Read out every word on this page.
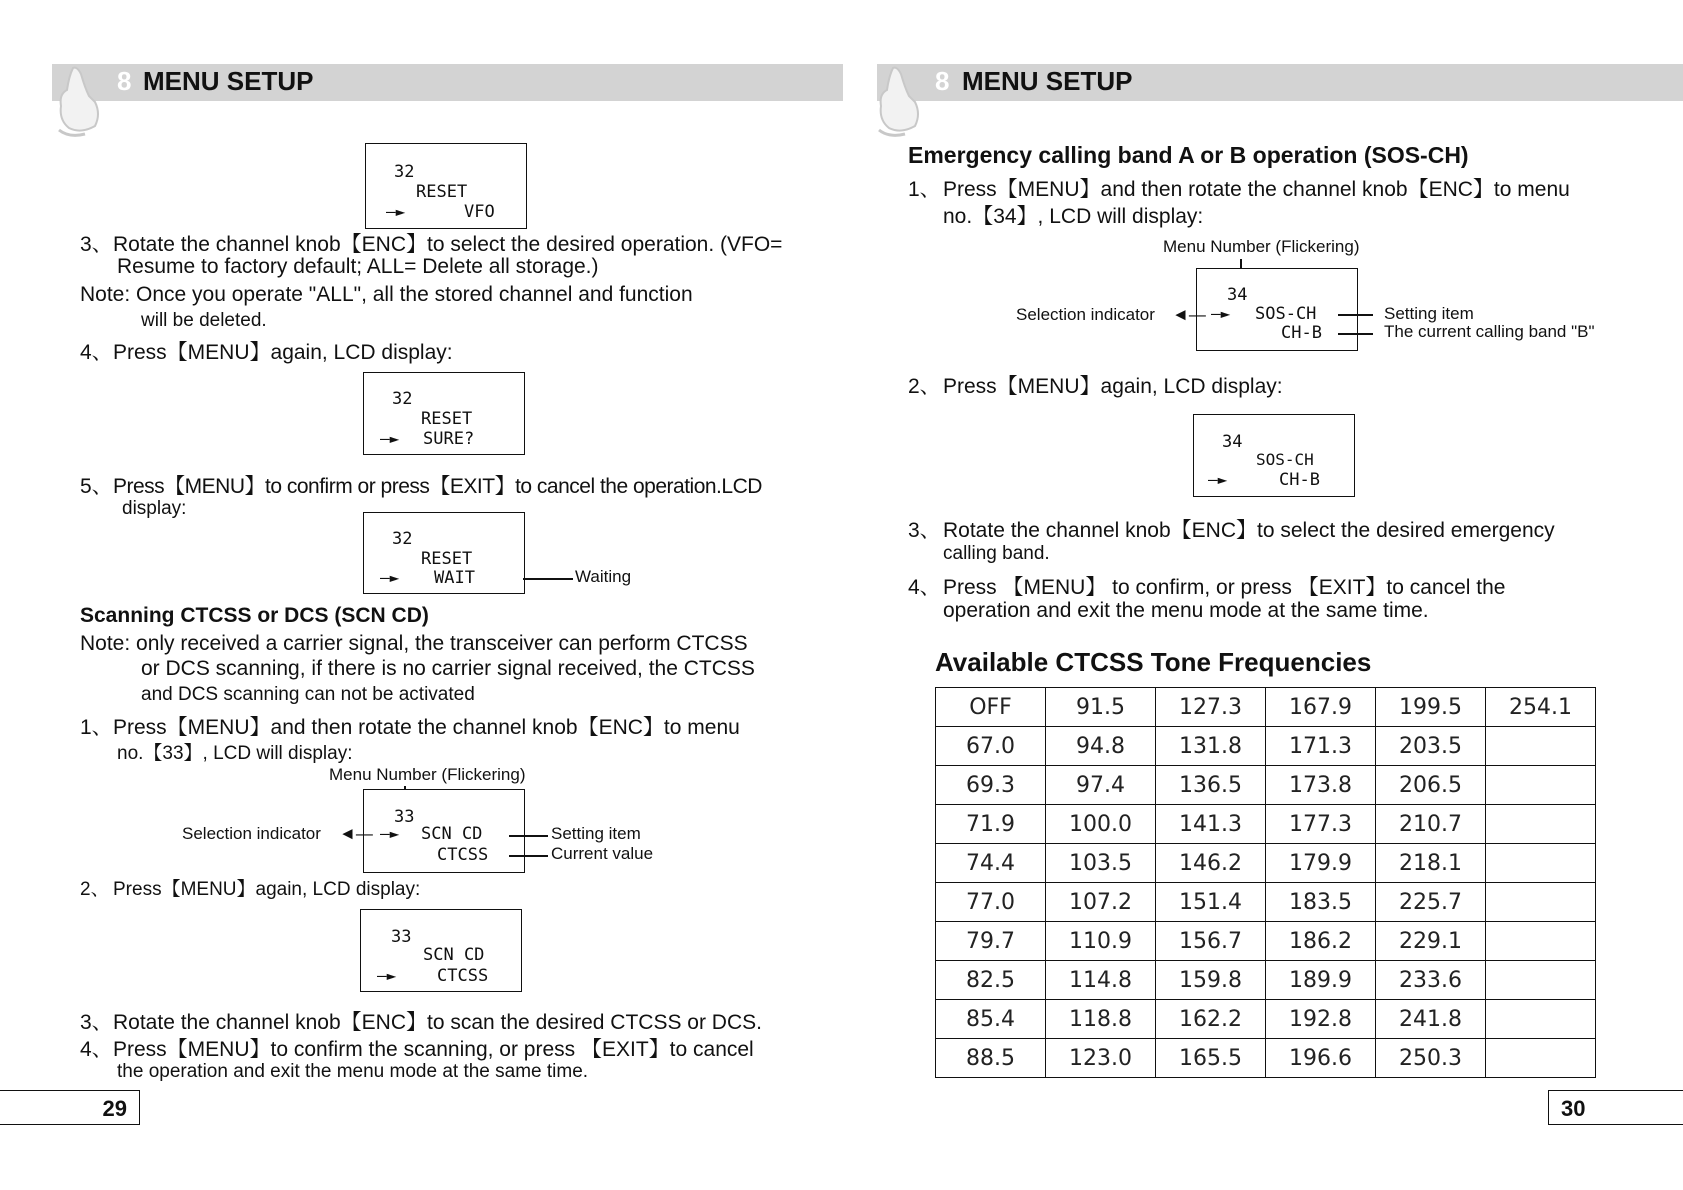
8 MENU SETUP
32
RESET
—►	VFO
3、 Rotate the channel knob【ENC】to select the desired operation. (VFO=
Resume to factory default; ALL= Delete all storage.)
Note: Once you operate "ALL", all the stored channel and function
will be deleted.
4、 Press【MENU】again, LCD display:
32
RESET
—► SURE?
5、 Press【MENU】to confirm or press【EXIT】to cancel the operation.LCD
display:
32
RESET
—► WAIT	Waiting
Scanning CTCSS or DCS (SCN CD)
Note: only received a carrier signal, the transceiver can perform CTCSS
or DCS scanning, if there is no carrier signal received, the CTCSS
and DCS scanning can not be activated
1、 Press【MENU】and then rotate the channel knob【ENC】to menu
no.【33】, LCD will display:
Menu Number (Flickering)
33
—► SCN CD
CTCSS
Selection indicator ◄—	Setting item
Current value
2、 Press【MENU】again, LCD display:
33
SCN CD
—► CTCSS
3、 Rotate the channel knob【ENC】to scan the desired CTCSS or DCS.
4、 Press【MENU】to confirm the scanning, or press 【EXIT】to cancel
the operation and exit the menu mode at the same time.
29
8 MENU SETUP
Emergency calling band A or B operation (SOS-CH)
1、 Press【MENU】and then rotate the channel knob【ENC】to menu
no.【34】, LCD will display:
Menu Number (Flickering)
34
—► SOS-CH
CH-B
Selection indicator ◄—	Setting item
The current calling band "B"
2、 Press【MENU】again, LCD display:
34
SOS-CH
—►	CH-B
3、 Rotate the channel knob【ENC】to select the desired emergency
calling band.
4、 Press 【MENU】 to confirm, or press 【EXIT】to cancel the
operation and exit the menu mode at the same time.
Available CTCSS Tone Frequencies
OFF	91.5	127.3	167.9	199.5	254.1
67.0	94.8	131.8	171.3	203.5	
69.3	97.4	136.5	173.8	206.5	
71.9	100.0	141.3	177.3	210.7	
74.4	103.5	146.2	179.9	218.1	
77.0	107.2	151.4	183.5	225.7	
79.7	110.9	156.7	186.2	229.1	
82.5	114.8	159.8	189.9	233.6	
85.4	118.8	162.2	192.8	241.8	
88.5	123.0	165.5	196.6	250.3	
30
